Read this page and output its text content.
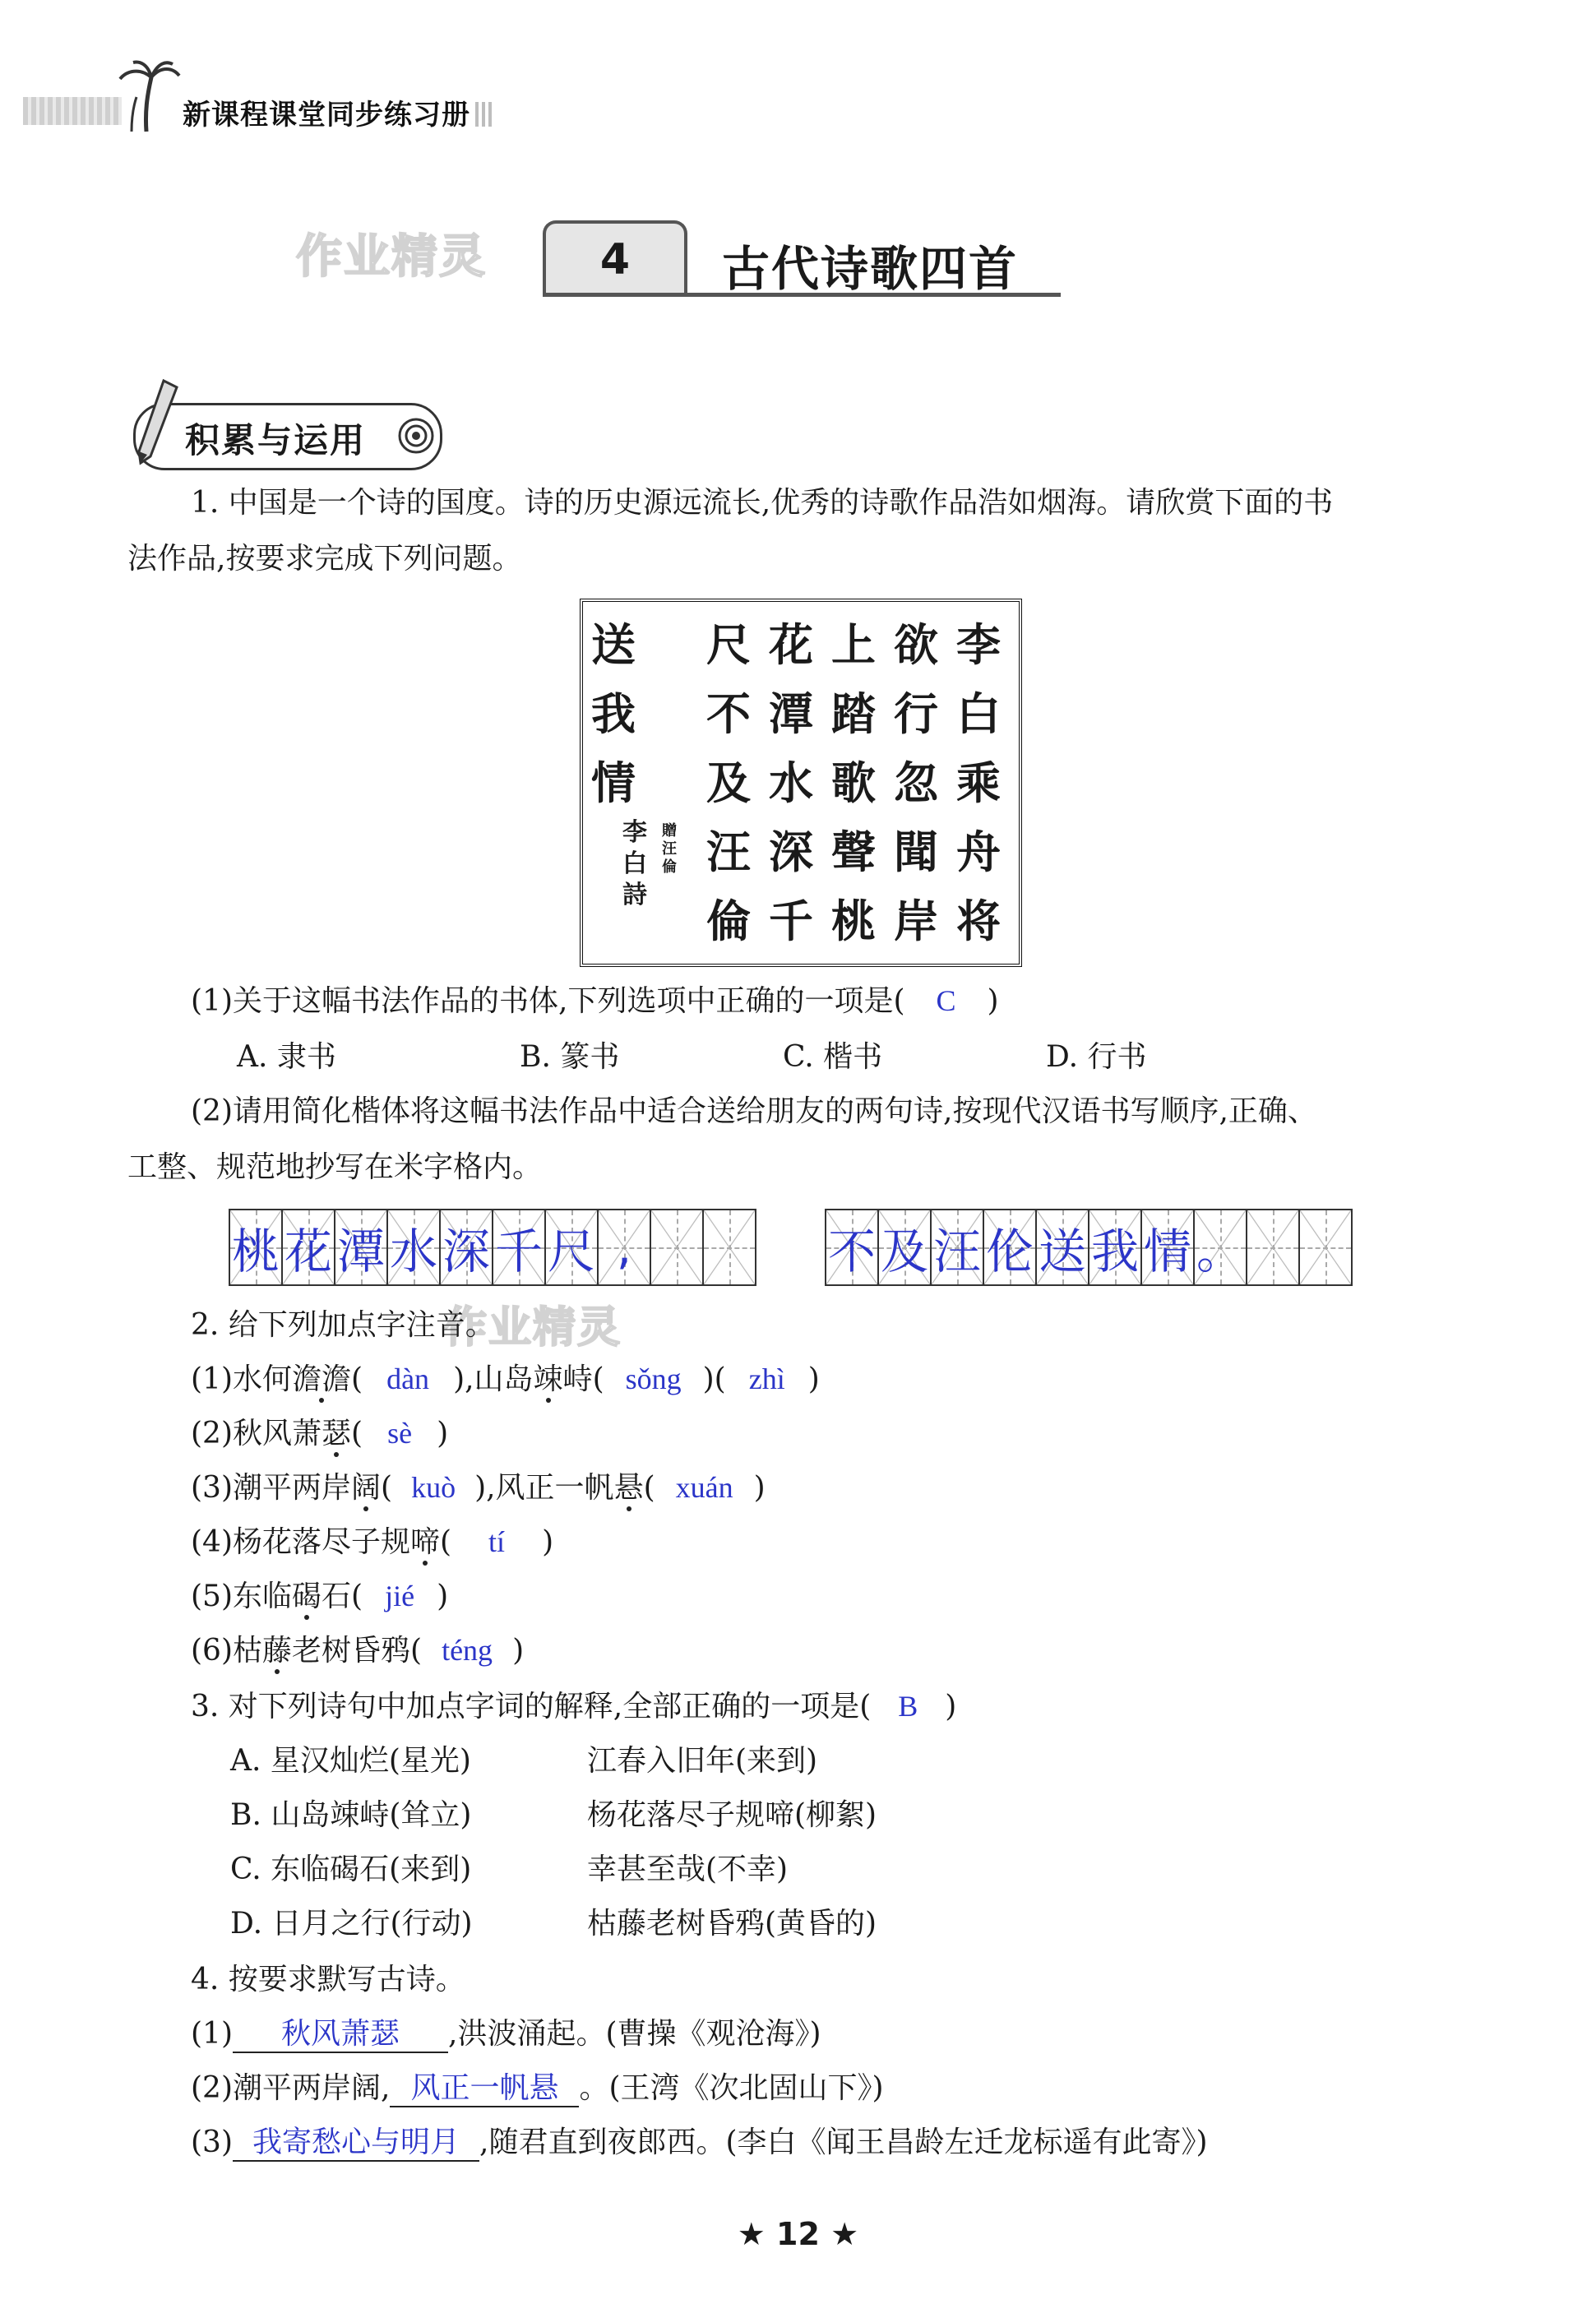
新课程课堂同步练习册
作业精灵	4	古代诗歌四首
积累与运用
1. 中国是一个诗的国度。诗的历史源远流长,优秀的诗歌作品浩如烟海。请欣赏下面的书
法作品,按要求完成下列问题。
李白乘舟将
欲行忽聞岸
上踏歌聲桃
花潭水深千
尺不及汪倫
送我情
贈汪倫
李白詩
(1)关于这幅书法作品的书体,下列选项中正确的一项是( C )
A. 隶书	B. 篆书	C. 楷书	D. 行书
(2)请用简化楷体将这幅书法作品中适合送给朋友的两句诗,按现代汉语书写顺序,正确、
工整、规范地抄写在米字格内。
桃 花 潭 水 深 千 尺 ,	不 及 汪 伦 送 我 情 。
作业精灵
2. 给下列加点字注音。
(1)水何澹澹( dàn ),山岛竦峙( sǒng )( zhì )
(2)秋风萧瑟( sè )
(3)潮平两岸阔( kuò ),风正一帆悬( xuán )
(4)杨花落尽子规啼( tí )
(5)东临碣石( jié )
(6)枯藤老树昏鸦( téng )
3. 对下列诗句中加点字词的解释,全部正确的一项是( B )
A. 星汉灿烂(星光)	江春入旧年(来到)
B. 山岛竦峙(耸立)	杨花落尽子规啼(柳絮)
C. 东临碣石(来到)	幸甚至哉(不幸)
D. 日月之行(行动)	枯藤老树昏鸦(黄昏的)
4. 按要求默写古诗。
(1) 秋风萧瑟 ,洪波涌起。(曹操《观沧海》)
(2)潮平两岸阔, 风正一帆悬 。(王湾《次北固山下》)
(3) 我寄愁心与明月 ,随君直到夜郎西。(李白《闻王昌龄左迁龙标遥有此寄》)
★ 12 ★
